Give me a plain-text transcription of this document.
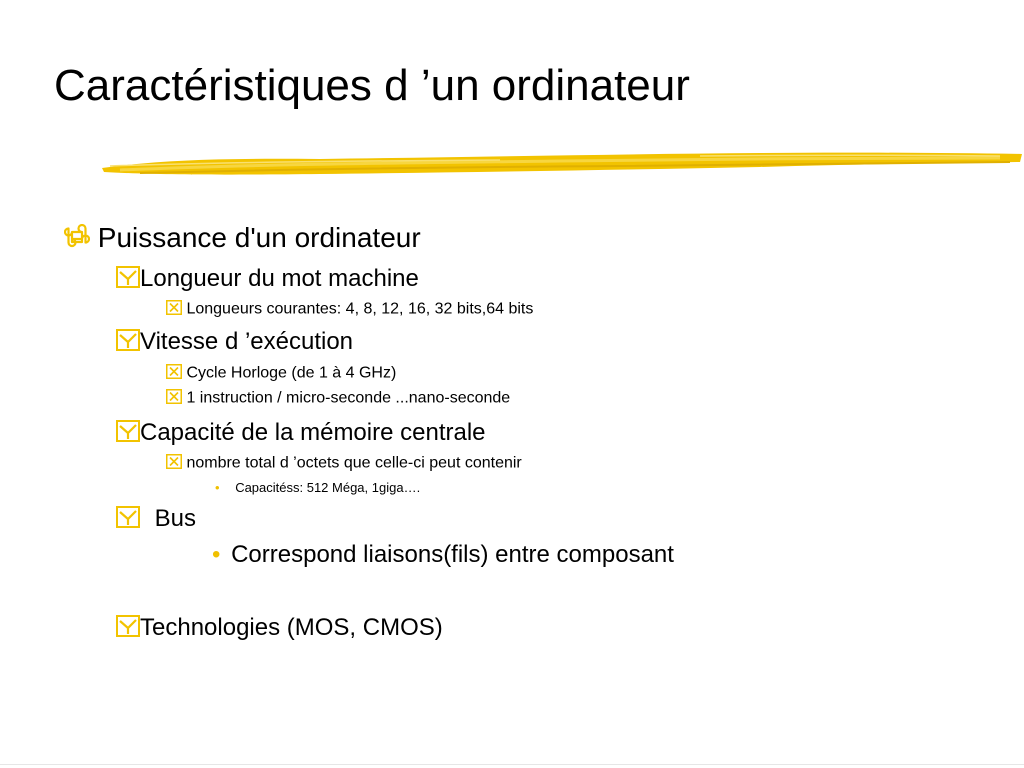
Caractéristiques d ’un ordinateur
Puissance d'un ordinateur
Longueur du mot machine
Longueurs courantes: 4, 8, 12, 16, 32 bits,64 bits
Vitesse d ’exécution
Cycle Horloge (de 1 à 4 GHz)
1 instruction / micro-seconde ...nano-seconde
Capacité de la mémoire centrale
nombre total d ’octets que celle-ci peut contenir
• Capacitéss: 512 Méga, 1giga….
Bus
• Correspond liaisons(fils) entre composant
Technologies (MOS, CMOS)
